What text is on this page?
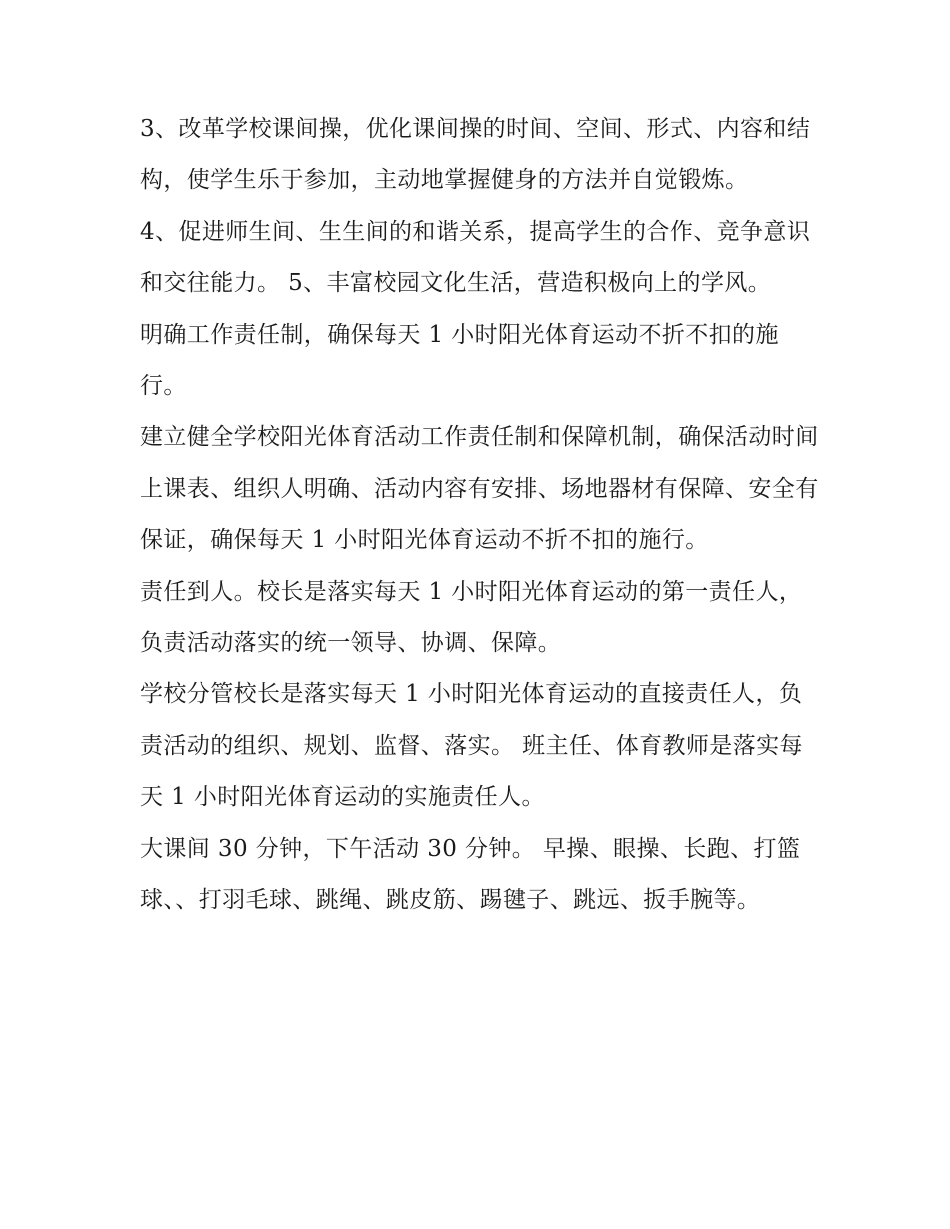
3、改革学校课间操，优化课间操的时间、空间、形式、内容和结构，使学生乐于参加，主动地掌握健身的方法并自觉锻炼。

4、促进师生间、生生间的和谐关系，提高学生的合作、竞争意识和交往能力。 5、丰富校园文化生活，营造积极向上的学风。

明确工作责任制，确保每天 1 小时阳光体育运动不折不扣的施行。

建立健全学校阳光体育活动工作责任制和保障机制，确保活动时间上课表、组织人明确、活动内容有安排、场地器材有保障、安全有保证，确保每天 1 小时阳光体育运动不折不扣的施行。

责任到人。校长是落实每天 1 小时阳光体育运动的第一责任人，负责活动落实的统一领导、协调、保障。

学校分管校长是落实每天 1 小时阳光体育运动的直接责任人，负责活动的组织、规划、监督、落实。 班主任、体育教师是落实每天 1 小时阳光体育运动的实施责任人。

大课间 30 分钟，下午活动 30 分钟。 早操、眼操、长跑、打篮球、、打羽毛球、跳绳、跳皮筋、踢毽子、跳远、扳手腕等。
